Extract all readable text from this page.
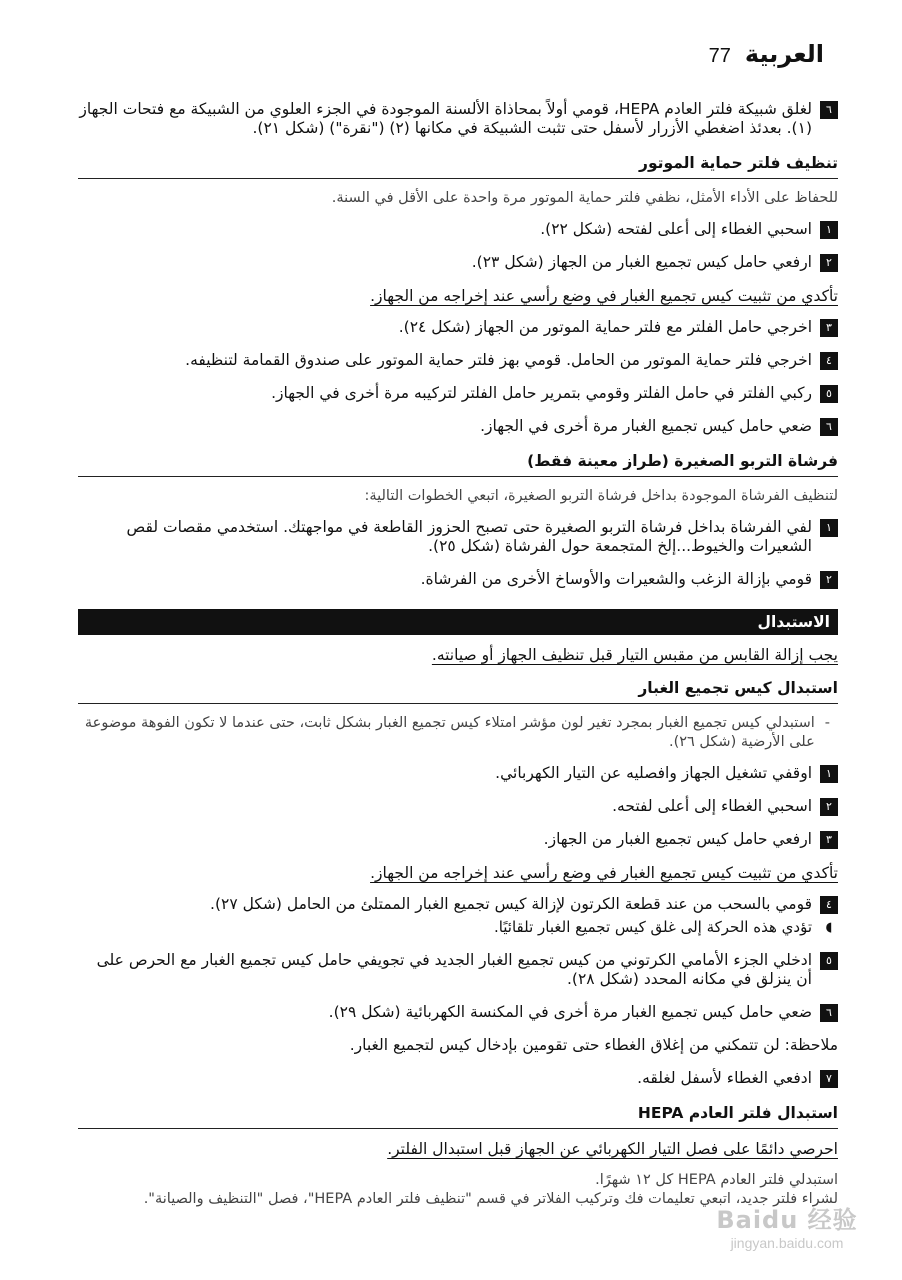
العربية
77
٦
لغلق شبيكة فلتر العادم HEPA، قومي أولاً بمحاذاة الألسنة الموجودة في الجزء العلوي من الشبيكة مع فتحات الجهاز (١). بعدئذ اضغطي الأزرار لأسفل حتى تثبت الشبيكة في مكانها (٢) ("نقرة") (شكل ٢١).
تنظيف فلتر حماية الموتور
للحفاظ على الأداء الأمثل، نظفي فلتر حماية الموتور مرة واحدة على الأقل في السنة.
١
اسحبي الغطاء إلى أعلى لفتحه (شكل ٢٢).
٢
ارفعي حامل كيس تجميع الغبار من الجهاز (شكل ٢٣).
تأكدي من تثبيت كيس تجميع الغبار في وضع رأسي عند إخراجه من الجهاز.
٣
اخرجي حامل الفلتر مع فلتر حماية الموتور من الجهاز (شكل ٢٤).
٤
اخرجي فلتر حماية الموتور من الحامل. قومي بهز فلتر حماية الموتور على صندوق القمامة لتنظيفه.
٥
ركبي الفلتر في حامل الفلتر وقومي بتمرير حامل الفلتر لتركيبه مرة أخرى في الجهاز.
٦
ضعي حامل كيس تجميع الغبار مرة أخرى في الجهاز.
فرشاة التربو الصغيرة (طراز معينة فقط)
لتنظيف الفرشاة الموجودة بداخل فرشاة التربو الصغيرة، اتبعي الخطوات التالية:
١
لفي الفرشاة بداخل فرشاة التربو الصغيرة حتى تصبح الحزوز القاطعة في مواجهتك. استخدمي مقصات لقص الشعيرات والخيوط...إلخ المتجمعة حول الفرشاة (شكل ٢٥).
٢
قومي بإزالة الزغب والشعيرات والأوساخ الأخرى من الفرشاة.
الاستبدال
يجب إزالة القابس من مقبس التيار قبل تنظيف الجهاز أو صيانته.
استبدال كيس تجميع الغبار
-
استبدلي كيس تجميع الغبار بمجرد تغير لون مؤشر امتلاء كيس تجميع الغبار بشكل ثابت، حتى عندما لا تكون الفوهة موضوعة على الأرضية (شكل ٢٦).
١
اوقفي تشغيل الجهاز وافصليه عن التيار الكهربائي.
٢
اسحبي الغطاء إلى أعلى لفتحه.
٣
ارفعي حامل كيس تجميع الغبار من الجهاز.
تأكدي من تثبيت كيس تجميع الغبار في وضع رأسي عند إخراجه من الجهاز.
٤
قومي بالسحب من عند قطعة الكرتون لإزالة كيس تجميع الغبار الممتلئ من الحامل (شكل ٢٧).
◖
تؤدي هذه الحركة إلى غلق كيس تجميع الغبار تلقائيًا.
٥
ادخلي الجزء الأمامي الكرتوني من كيس تجميع الغبار الجديد في تجويفي حامل كيس تجميع الغبار مع الحرص على أن ينزلق في مكانه المحدد (شكل ٢٨).
٦
ضعي حامل كيس تجميع الغبار مرة أخرى في المكنسة الكهربائية (شكل ٢٩).
ملاحظة: لن تتمكني من إغلاق الغطاء حتى تقومين بإدخال كيس لتجميع الغبار.
٧
ادفعي الغطاء لأسفل لغلقه.
استبدال فلتر العادم HEPA
احرصي دائمًا على فصل التيار الكهربائي عن الجهاز قبل استبدال الفلتر.
استبدلي فلتر العادم HEPA كل ١٢ شهرًا.
لشراء فلتر جديد، اتبعي تعليمات فك وتركيب الفلاتر في قسم "تنظيف فلتر العادم HEPA"، فصل "التنظيف والصيانة".
Baidu 经验
jingyan.baidu.com
